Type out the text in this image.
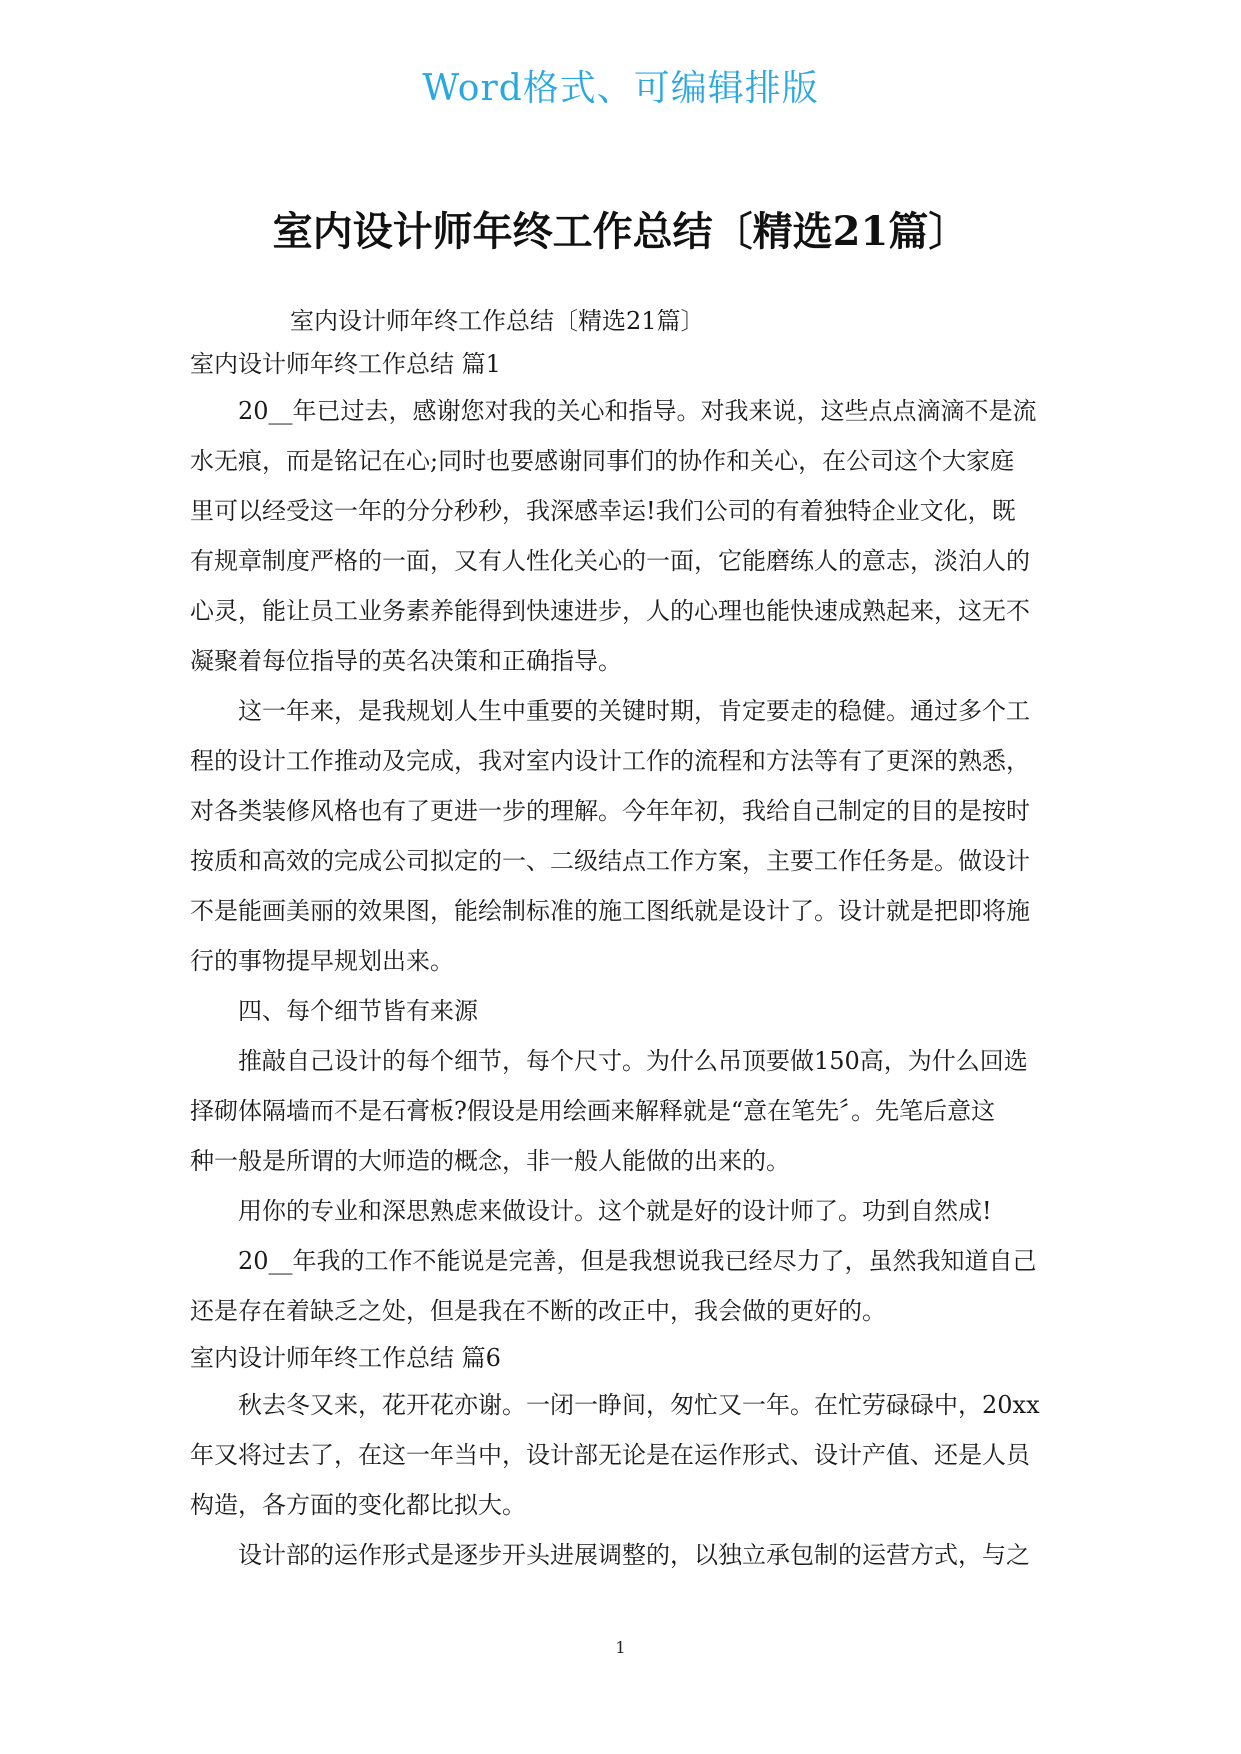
Word格式、可编辑排版
室内设计师年终工作总结〔精选21篇〕
室内设计师年终工作总结〔精选21篇〕
室内设计师年终工作总结 篇1
20__年已过去，感谢您对我的关心和指导。对我来说，这些点点滴滴不是流
水无痕，而是铭记在心;同时也要感谢同事们的协作和关心，在公司这个大家庭
里可以经受这一年的分分秒秒，我深感幸运!我们公司的有着独特企业文化，既
有规章制度严格的一面，又有人性化关心的一面，它能磨练人的意志，淡泊人的
心灵，能让员工业务素养能得到快速进步，人的心理也能快速成熟起来，这无不
凝聚着每位指导的英名决策和正确指导。
这一年来，是我规划人生中重要的关键时期，肯定要走的稳健。通过多个工
程的设计工作推动及完成，我对室内设计工作的流程和方法等有了更深的熟悉，
对各类装修风格也有了更进一步的理解。今年年初，我给自己制定的目的是按时
按质和高效的完成公司拟定的一、二级结点工作方案，主要工作任务是。做设计
不是能画美丽的效果图，能绘制标准的施工图纸就是设计了。设计就是把即将施
行的事物提早规划出来。
四、每个细节皆有来源
推敲自己设计的每个细节，每个尺寸。为什么吊顶要做150高，为什么回选
择砌体隔墙而不是石膏板?假设是用绘画来解释就是“意在笔先〞。先笔后意这
种一般是所谓的大师造的概念，非一般人能做的出来的。
用你的专业和深思熟虑来做设计。这个就是好的设计师了。功到自然成!
20__年我的工作不能说是完善，但是我想说我已经尽力了，虽然我知道自己
还是存在着缺乏之处，但是我在不断的改正中，我会做的更好的。
室内设计师年终工作总结 篇6
秋去冬又来，花开花亦谢。一闭一睁间，匆忙又一年。在忙劳碌碌中，20xx
年又将过去了，在这一年当中，设计部无论是在运作形式、设计产值、还是人员
构造，各方面的变化都比拟大。
设计部的运作形式是逐步开头进展调整的，以独立承包制的运营方式，与之
1
